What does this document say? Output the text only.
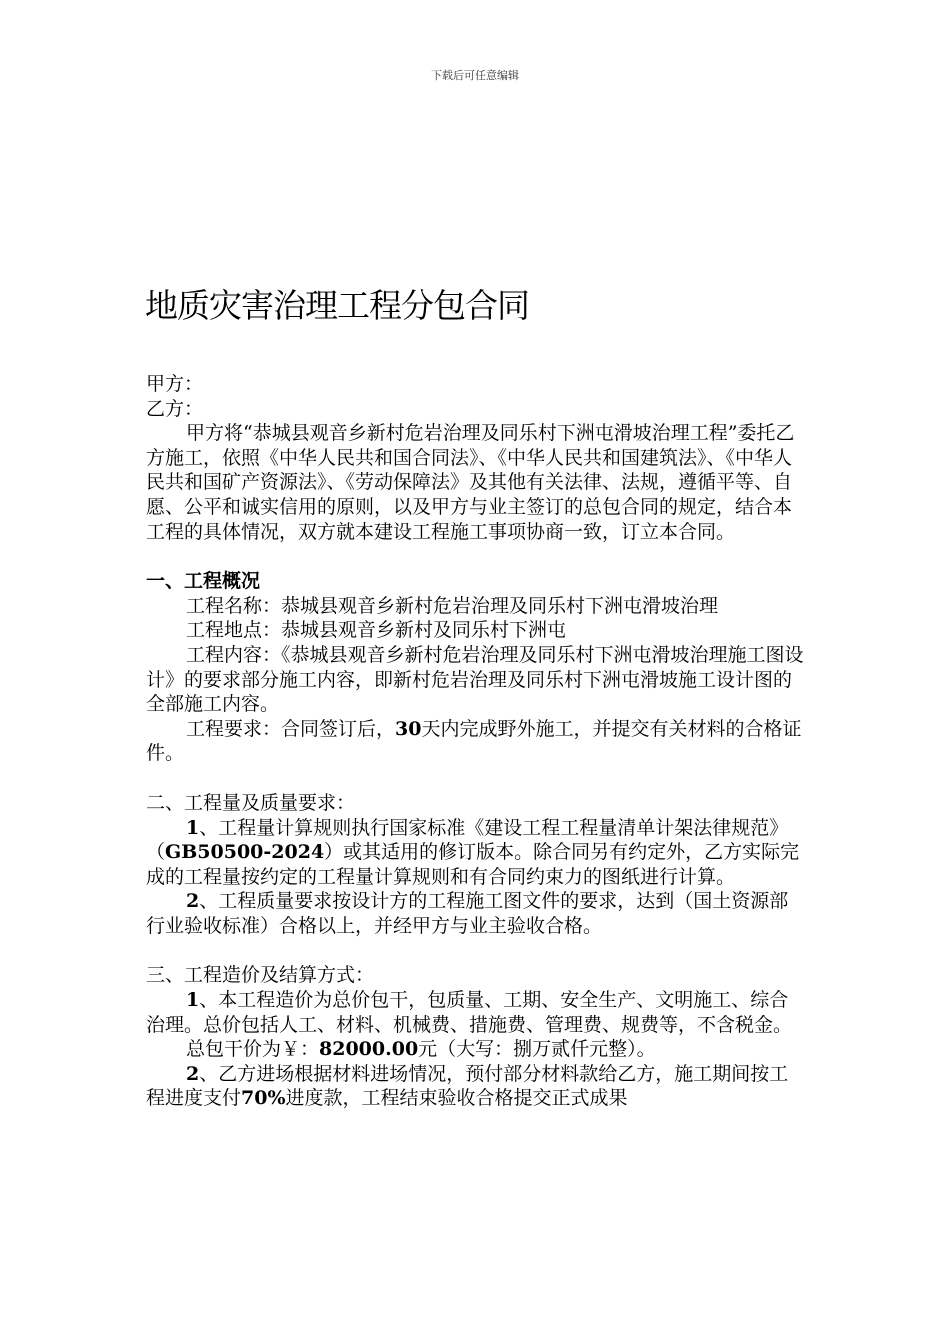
下载后可任意编辑
地质灾害治理工程分包合同

甲方：

乙方：

甲方将“恭城县观音乡新村危岩治理及同乐村下洲屯滑坡治理工程”委托乙方施工，依照《中华人民共和国合同法》、《中华人民共和国建筑法》、《中华人民共和国矿产资源法》、《劳动保障法》及其他有关法律、法规，遵循平等、自愿、公平和诚实信用的原则，以及甲方与业主签订的总包合同的规定，结合本工程的具体情况，双方就本建设工程施工事项协商一致，订立本合同。

一、工程概况

工程名称：恭城县观音乡新村危岩治理及同乐村下洲屯滑坡治理

工程地点：恭城县观音乡新村及同乐村下洲屯

工程内容：《恭城县观音乡新村危岩治理及同乐村下洲屯滑坡治理施工图设计》的要求部分施工内容，即新村危岩治理及同乐村下洲屯滑坡施工设计图的全部施工内容。

工程要求：合同签订后，30天内完成野外施工，并提交有关材料的合格证件。

二、工程量及质量要求：

1、工程量计算规则执行国家标准《建设工程工程量清单计架法律规范》（GB50500-2024）或其适用的修订版本。除合同另有约定外，乙方实际完成的工程量按约定的工程量计算规则和有合同约束力的图纸进行计算。

2、工程质量要求按设计方的工程施工图文件的要求，达到（国土资源部行业验收标准）合格以上，并经甲方与业主验收合格。

三、工程造价及结算方式：

1、本工程造价为总价包干，包质量、工期、安全生产、文明施工、综合治理。总价包括人工、材料、机械费、措施费、管理费、规费等，不含税金。

总包干价为￥：82000.00元（大写：捌万贰仟元整）。

2、乙方进场根据材料进场情况，预付部分材料款给乙方，施工期间按工程进度支付70%进度款，工程结束验收合格提交正式成果
